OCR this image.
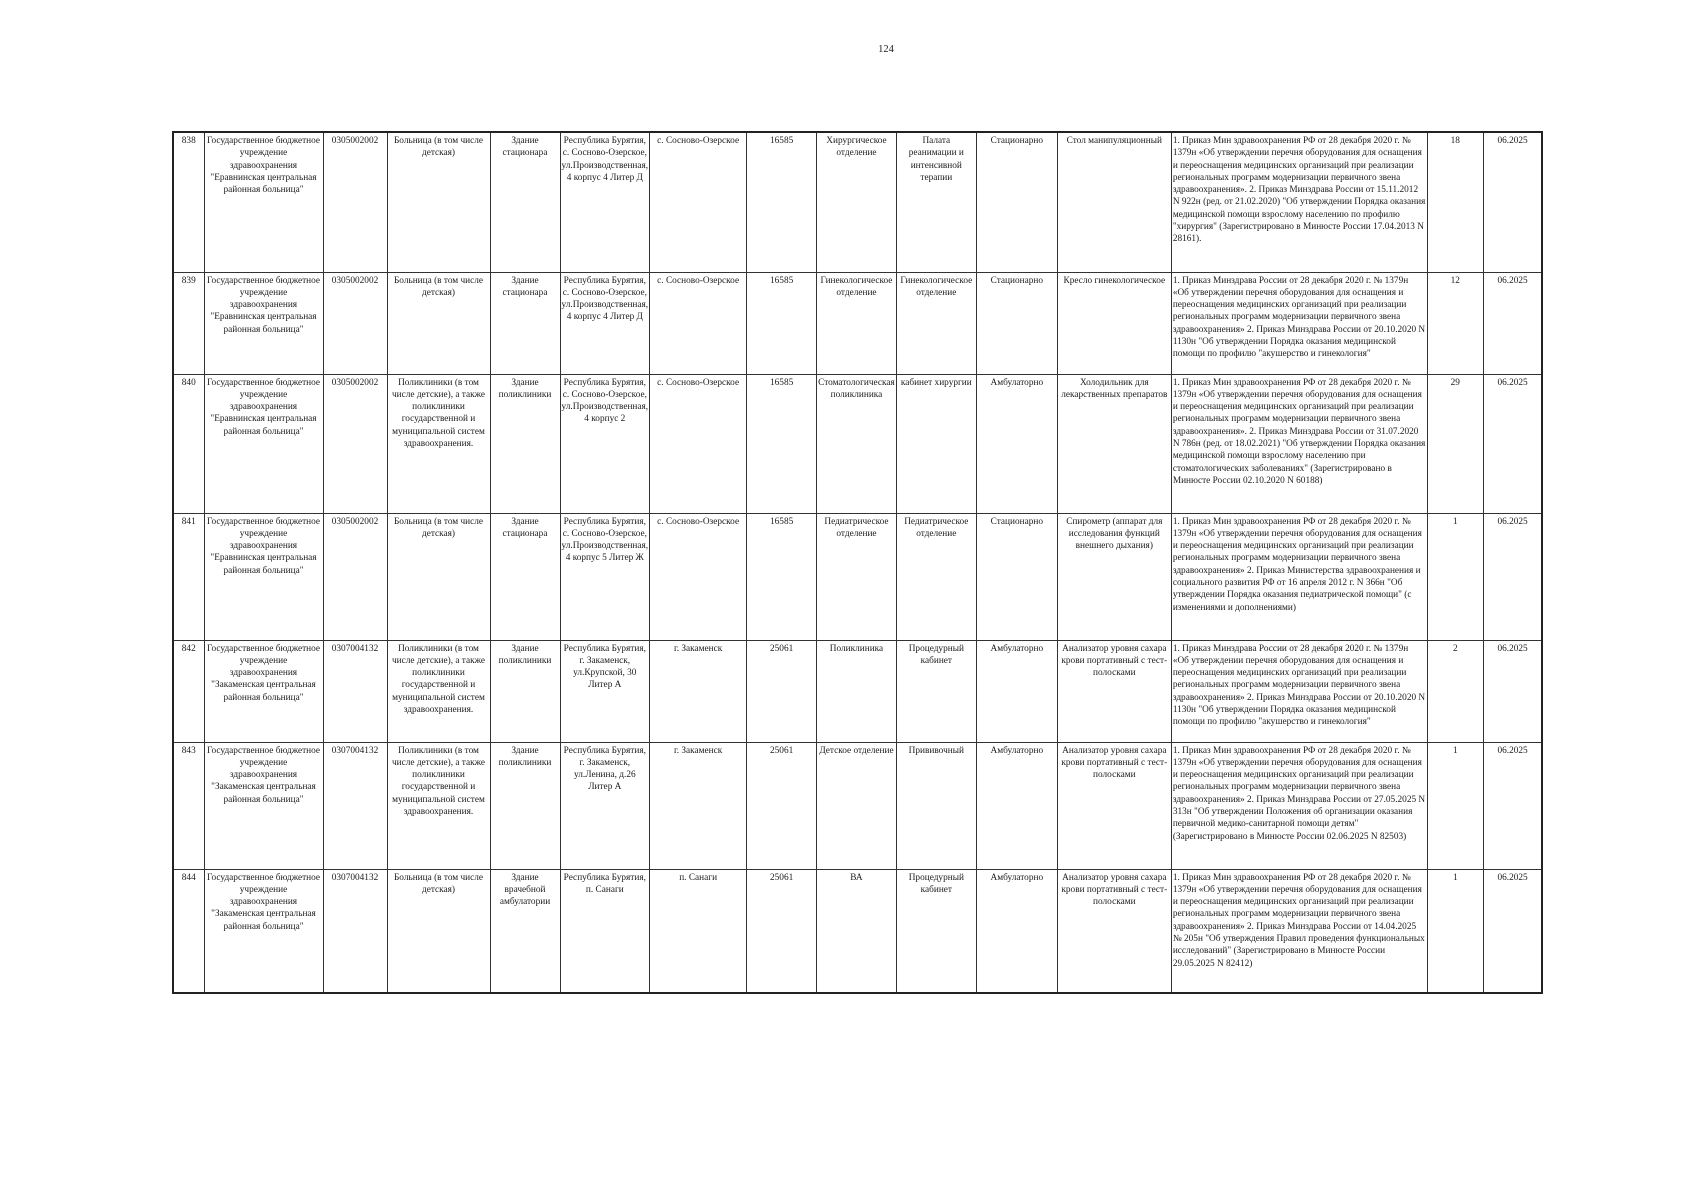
124
838	Государственное бюджетное учреждение здравоохранения "Еравнинская центральная районная больница"	0305002002	Больница (в том числе детская)	Здание стационара	Республика Бурятия, с. Сосново-Озерское, ул.Производственная, 4 корпус 4 Литер Д	с. Сосново-Озерское	16585	Хирургическое отделение	Палата реанимации и интенсивной терапии	Стационарно	Стол манипуляционный	1. Приказ Мин здравоохранения РФ от 28 декабря 2020 г. № 1379н «Об утверждении перечня оборудования для оснащения и переоснащения медицинских организаций при реализации региональных программ модернизации первичного звена здравоохранения». 2. Приказ Минздрава России от 15.11.2012 N 922н (ред. от 21.02.2020) "Об утверждении Порядка оказания медицинской помощи взрослому населению по профилю "хирургия" (Зарегистрировано в Минюсте России 17.04.2013 N 28161).	18	06.2025
839	Государственное бюджетное учреждение здравоохранения "Еравнинская центральная районная больница"	0305002002	Больница (в том числе детская)	Здание стационара	Республика Бурятия, с. Сосново-Озерское, ул.Производственная, 4 корпус 4 Литер Д	с. Сосново-Озерское	16585	Гинекологическое отделение	Гинекологическое отделение	Стационарно	Кресло гинекологическое	1. Приказ Минздрава России от 28 декабря 2020 г. № 1379н «Об утверждении перечня оборудования для оснащения и переоснащения медицинских организаций при реализации региональных программ модернизации первичного звена здравоохранения» 2. Приказ Минздрава России от 20.10.2020 N 1130н "Об утверждении Порядка оказания медицинской помощи по профилю "акушерство и гинекология"	12	06.2025
840	Государственное бюджетное учреждение здравоохранения "Еравнинская центральная районная больница"	0305002002	Поликлиники (в том числе детские), а также поликлиники государственной и муниципальной систем здравоохранения.	Здание поликлиники	Республика Бурятия, с. Сосново-Озерское, ул.Производственная, 4 корпус 2	с. Сосново-Озерское	16585	Стоматологическая поликлиника	кабинет хирургии	Амбулаторно	Холодильник для лекарственных препаратов	1. Приказ Мин здравоохранения РФ от 28 декабря 2020 г. № 1379н «Об утверждении перечня оборудования для оснащения и переоснащения медицинских организаций при реализации региональных программ модернизации первичного звена здравоохранения». 2. Приказ Минздрава России от 31.07.2020 N 786н (ред. от 18.02.2021) "Об утверждении Порядка оказания медицинской помощи взрослому населению при стоматологических заболеваниях" (Зарегистрировано в Минюсте России 02.10.2020 N 60188)	29	06.2025
841	Государственное бюджетное учреждение здравоохранения "Еравнинская центральная районная больница"	0305002002	Больница (в том числе детская)	Здание стационара	Республика Бурятия, с. Сосново-Озерское, ул.Производственная, 4 корпус 5 Литер Ж	с. Сосново-Озерское	16585	Педиатрическое отделение	Педиатрическое отделение	Стационарно	Спирометр (аппарат для исследования функций внешнего дыхания)	1. Приказ Мин здравоохранения РФ от 28 декабря 2020 г. № 1379н «Об утверждении перечня оборудования для оснащения и переоснащения медицинских организаций при реализации региональных программ модернизации первичного звена здравоохранения» 2. Приказ Министерства здравоохранения и социального развития РФ от 16 апреля 2012 г. N 366н "Об утверждении Порядка оказания педиатрической помощи" (с изменениями и дополнениями)	1	06.2025
842	Государственное бюджетное учреждение здравоохранения "Закаменская центральная районная больница"	0307004132	Поликлиники (в том числе детские), а также поликлиники государственной и муниципальной систем здравоохранения.	Здание поликлиники	Республика Бурятия, г. Закаменск, ул.Крупской, 30 Литер А	г. Закаменск	25061	Поликлиника	Процедурный кабинет	Амбулаторно	Анализатор уровня сахара крови портативный с тест-полосками	1. Приказ Минздрава России от 28 декабря 2020 г. № 1379н «Об утверждении перечня оборудования для оснащения и переоснащения медицинских организаций при реализации региональных программ модернизации первичного звена здравоохранения» 2. Приказ Минздрава России от 20.10.2020 N 1130н "Об утверждении Порядка оказания медицинской помощи по профилю "акушерство и гинекология"	2	06.2025
843	Государственное бюджетное учреждение здравоохранения "Закаменская центральная районная больница"	0307004132	Поликлиники (в том числе детские), а также поликлиники государственной и муниципальной систем здравоохранения.	Здание поликлиники	Республика Бурятия, г. Закаменск, ул.Ленина, д.26 Литер А	г. Закаменск	25061	Детское отделение	Прививочный	Амбулаторно	Анализатор уровня сахара крови портативный с тест-полосками	1. Приказ Мин здравоохранения РФ от 28 декабря 2020 г. № 1379н «Об утверждении перечня оборудования для оснащения и переоснащения медицинских организаций при реализации региональных программ модернизации первичного звена здравоохранения» 2. Приказ Минздрава России от 27.05.2025 N 313н "Об утверждении Положения об организации оказания первичной медико-санитарной помощи детям" (Зарегистрировано в Минюсте России 02.06.2025 N 82503)	1	06.2025
844	Государственное бюджетное учреждение здравоохранения "Закаменская центральная районная больница"	0307004132	Больница (в том числе детская)	Здание врачебной амбулатории	Республика Бурятия, п. Санаги	п. Санаги	25061	ВА	Процедурный кабинет	Амбулаторно	Анализатор уровня сахара крови портативный с тест-полосками	1. Приказ Мин здравоохранения РФ от 28 декабря 2020 г. № 1379н «Об утверждении перечня оборудования для оснащения и переоснащения медицинских организаций при реализации региональных программ модернизации первичного звена здравоохранения» 2. Приказ Минздрава России от 14.04.2025 № 205н "Об утверждения Правил проведения функциональных исследований" (Зарегистрировано в Минюсте России 29.05.2025 N 82412)	1	06.2025
